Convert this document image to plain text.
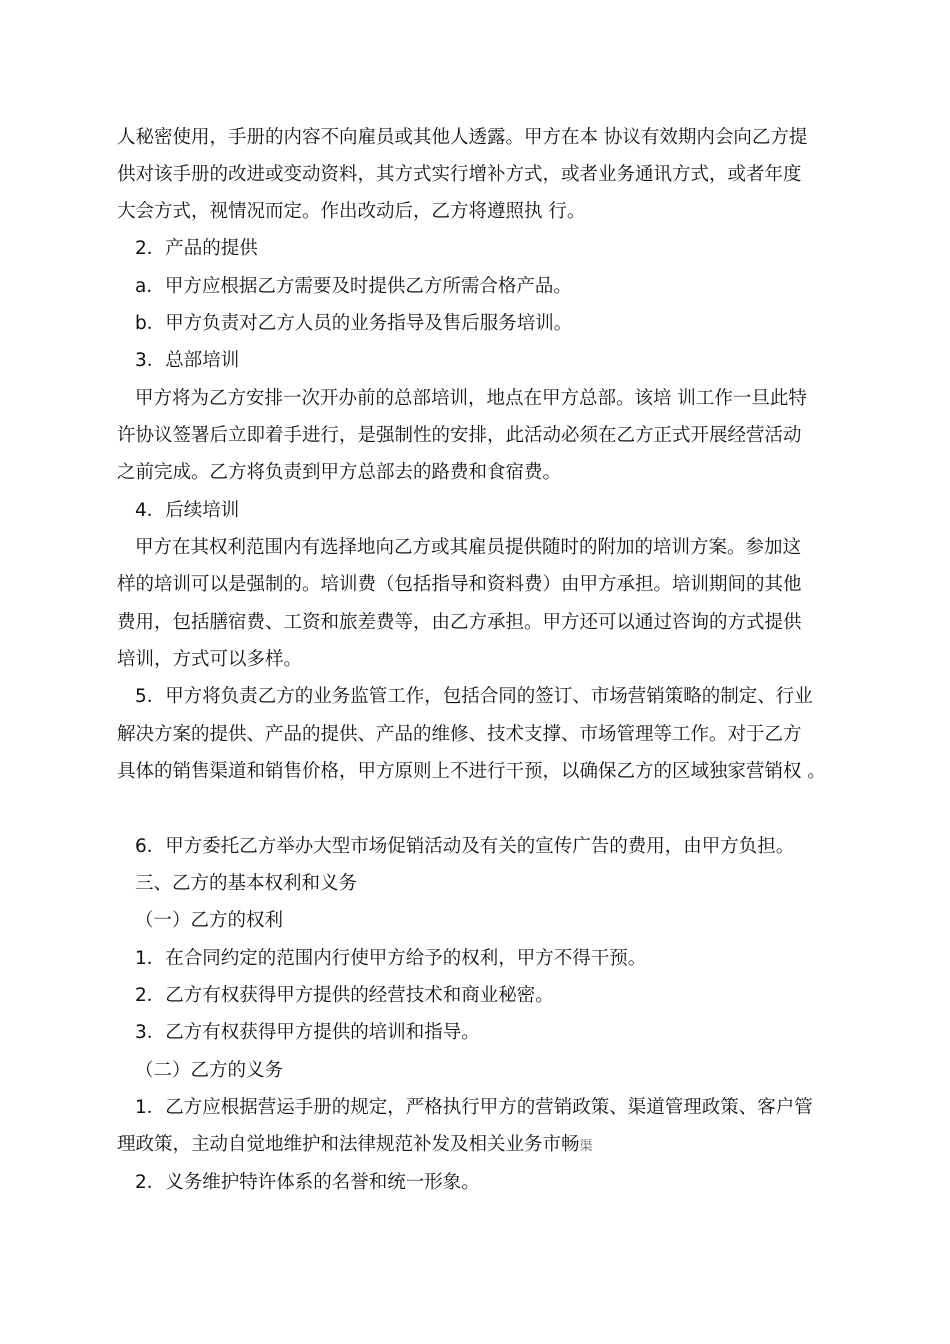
人秘密使用，手册的内容不向雇员或其他人透露。甲方在本 协议有效期内会向乙方提
供对该手册的改进或变动资料，其方式实行增补方式，或者业务通讯方式，或者年度
大会方式，视情况而定。作出改动后，乙方将遵照执 行。
2．产品的提供
a．甲方应根据乙方需要及时提供乙方所需合格产品。
b．甲方负责对乙方人员的业务指导及售后服务培训。
3．总部培训
甲方将为乙方安排一次开办前的总部培训，地点在甲方总部。该培 训工作一旦此特
许协议签署后立即着手进行，是强制性的安排，此活动必须在乙方正式开展经营活动
之前完成。乙方将负责到甲方总部去的路费和食宿费。
4．后续培训
甲方在其权利范围内有选择地向乙方或其雇员提供随时的附加的培训方案。参加这
样的培训可以是强制的。培训费（包括指导和资料费）由甲方承担。培训期间的其他
费用，包括膳宿费、工资和旅差费等，由乙方承担。甲方还可以通过咨询的方式提供
培训，方式可以多样。
5．甲方将负责乙方的业务监管工作，包括合同的签订、市场营销策略的制定、行业
解决方案的提供、产品的提供、产品的维修、技术支撑、市场管理等工作。对于乙方
具体的销售渠道和销售价格，甲方原则上不进行干预，以确保乙方的区域独家营销权 。
6．甲方委托乙方举办大型市场促销活动及有关的宣传广告的费用，由甲方负担。
三、乙方的基本权利和义务
（一）乙方的权利
1．在合同约定的范围内行使甲方给予的权利，甲方不得干预。
2．乙方有权获得甲方提供的经营技术和商业秘密。
3．乙方有权获得甲方提供的培训和指导。
（二）乙方的义务
1．乙方应根据营运手册的规定，严格执行甲方的营销政策、渠道管理政策、客户管
理政策，主动自觉地维护和法律规范补发及相关业务市畅渠
2．义务维护特许体系的名誉和统一形象。
